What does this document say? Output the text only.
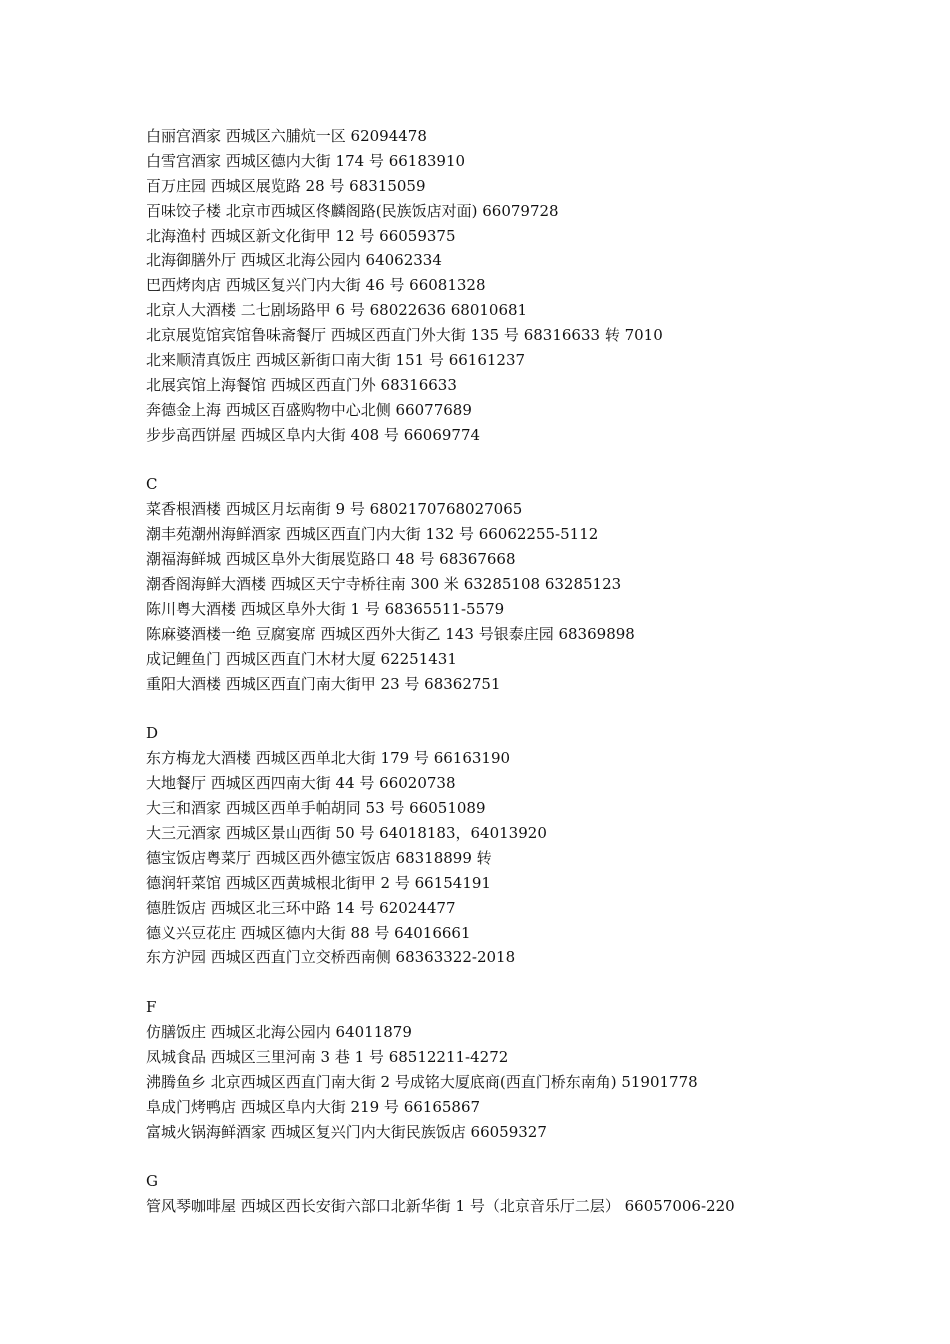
白丽宫酒家 西城区六脯炕一区 62094478
白雪宫酒家 西城区德内大街 174 号 66183910
百万庄园 西城区展览路 28 号 68315059
百味饺子楼 北京市西城区佟麟阁路(民族饭店对面) 66079728
北海渔村 西城区新文化街甲 12 号 66059375
北海御膳外厅 西城区北海公园内 64062334
巴西烤肉店 西城区复兴门内大街 46 号 66081328
北京人大酒楼 二七剧场路甲 6 号 68022636 68010681
北京展览馆宾馆鲁味斋餐厅 西城区西直门外大街 135 号 68316633 转 7010
北来顺清真饭庄 西城区新街口南大街 151 号 66161237
北展宾馆上海餐馆 西城区西直门外 68316633
奔德金上海 西城区百盛购物中心北侧 66077689
步步高西饼屋 西城区阜内大街 408 号 66069774
C
菜香根酒楼 西城区月坛南街 9 号 6802170768027065
潮丰苑潮州海鲜酒家 西城区西直门内大街 132 号 66062255-5112
潮福海鲜城 西城区阜外大街展览路口 48 号 68367668
潮香阁海鲜大酒楼 西城区天宁寺桥往南 300 米 63285108 63285123
陈川粤大酒楼 西城区阜外大街 1 号 68365511-5579
陈麻婆酒楼一绝 豆腐宴席 西城区西外大街乙 143 号银泰庄园 68369898
成记鲤鱼门 西城区西直门木材大厦 62251431
重阳大酒楼 西城区西直门南大街甲 23 号 68362751
D
东方梅龙大酒楼 西城区西单北大街 179 号 66163190
大地餐厅 西城区西四南大街 44 号 66020738
大三和酒家 西城区西单手帕胡同 53 号 66051089
大三元酒家 西城区景山西街 50 号 64018183，64013920
德宝饭店粤菜厅 西城区西外德宝饭店 68318899 转
德润轩菜馆 西城区西黄城根北街甲 2 号 66154191
德胜饭店 西城区北三环中路 14 号 62024477
德义兴豆花庄 西城区德内大街 88 号 64016661
东方沪园 西城区西直门立交桥西南侧 68363322-2018
F
仿膳饭庄 西城区北海公园内 64011879
凤城食品 西城区三里河南 3 巷 1 号 68512211-4272
沸腾鱼乡 北京西城区西直门南大街 2 号成铭大厦底商(西直门桥东南角) 51901778
阜成门烤鸭店 西城区阜内大街 219 号 66165867
富城火锅海鲜酒家 西城区复兴门内大街民族饭店 66059327
G
管风琴咖啡屋 西城区西长安街六部口北新华街 1 号（北京音乐厅二层） 66057006-220
